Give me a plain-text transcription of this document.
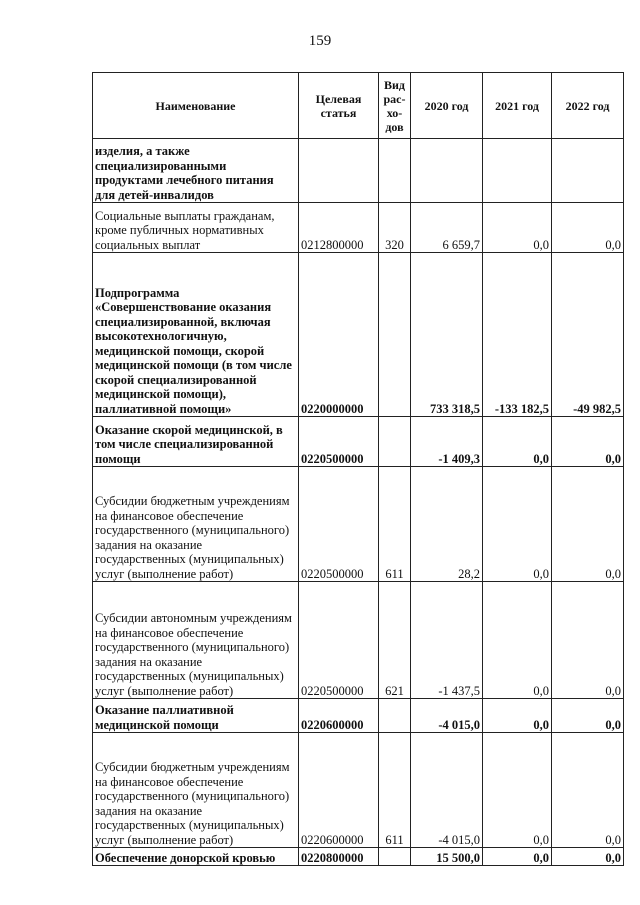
159
Наименование	Целевая статья	Вид рас-хо-дов	2020 год	2021 год	2022 год
изделия, а также специализированными продуктами лечебного питания для детей-инвалидов					
Социальные выплаты гражданам, кроме публичных нормативных социальных выплат	0212800000	320	6 659,7	0,0	0,0
Подпрограмма «Совершенствование оказания специализированной, включая высокотехнологичную, медицинской помощи, скорой медицинской помощи (в том числе скорой специализированной медицинской помощи), паллиативной помощи»	0220000000		733 318,5	-133 182,5	-49 982,5
Оказание скорой медицинской, в том числе специализированной помощи	0220500000		-1 409,3	0,0	0,0
Субсидии бюджетным учреждениям на финансовое обеспечение государственного (муниципального) задания на оказание государственных (муниципальных) услуг (выполнение работ)	0220500000	611	28,2	0,0	0,0
Субсидии автономным учреждениям на финансовое обеспечение государственного (муниципального) задания на оказание государственных (муниципальных) услуг (выполнение работ)	0220500000	621	-1 437,5	0,0	0,0
Оказание паллиативной медицинской помощи	0220600000		-4 015,0	0,0	0,0
Субсидии бюджетным учреждениям на финансовое обеспечение государственного (муниципального) задания на оказание государственных (муниципальных) услуг (выполнение работ)	0220600000	611	-4 015,0	0,0	0,0
Обеспечение донорской кровью	0220800000		15 500,0	0,0	0,0
